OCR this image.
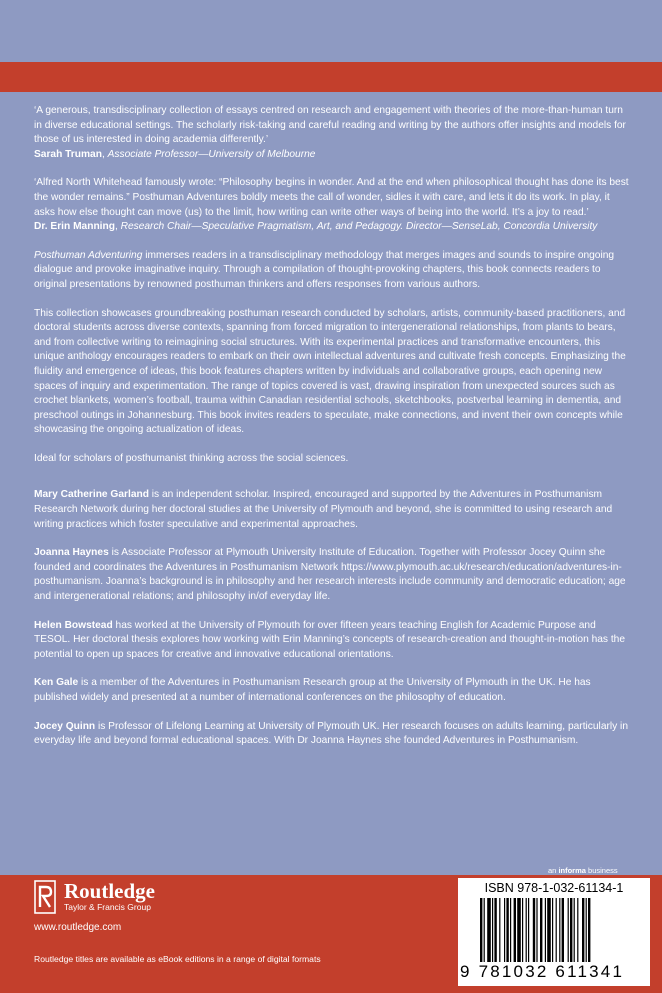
‘A generous, transdisciplinary collection of essays centred on research and engagement with theories of the more-than-human turn in diverse educational settings. The scholarly risk-taking and careful reading and writing by the authors offer insights and models for those of us interested in doing academia differently.’

Sarah Truman, Associate Professor—University of Melbourne

‘Alfred North Whitehead famously wrote: “Philosophy begins in wonder. And at the end when philosophical thought has done its best the wonder remains.” Posthuman Adventures boldly meets the call of wonder, sidles it with care, and lets it do its work. In play, it asks how else thought can move (us) to the limit, how writing can write other ways of being into the world. It’s a joy to read.’

Dr. Erin Manning, Research Chair—Speculative Pragmatism, Art, and Pedagogy. Director—SenseLab, Concordia University

Posthuman Adventuring immerses readers in a transdisciplinary methodology that merges images and sounds to inspire ongoing dialogue and provoke imaginative inquiry. Through a compilation of thought-provoking chapters, this book connects readers to original presentations by renowned posthuman thinkers and offers responses from various authors.

This collection showcases groundbreaking posthuman research conducted by scholars, artists, community-based practitioners, and doctoral students across diverse contexts, spanning from forced migration to intergenerational relationships, from plants to bears, and from collective writing to reimagining social structures. With its experimental practices and transformative encounters, this unique anthology encourages readers to embark on their own intellectual adventures and cultivate fresh concepts. Emphasizing the fluidity and emergence of ideas, this book features chapters written by individuals and collaborative groups, each opening new spaces of inquiry and experimentation. The range of topics covered is vast, drawing inspiration from unexpected sources such as crochet blankets, women’s football, trauma within Canadian residential schools, sketchbooks, postverbal learning in dementia, and preschool outings in Johannesburg. This book invites readers to speculate, make connections, and invent their own concepts while showcasing the ongoing actualization of ideas.

Ideal for scholars of posthumanist thinking across the social sciences.

Mary Catherine Garland is an independent scholar. Inspired, encouraged and supported by the Adventures in Posthumanism Research Network during her doctoral studies at the University of Plymouth and beyond, she is committed to using research and writing practices which foster speculative and experimental approaches.

Joanna Haynes is Associate Professor at Plymouth University Institute of Education. Together with Professor Jocey Quinn she founded and coordinates the Adventures in Posthumanism Network https://www.plymouth.ac.uk/research/education/adventures-in-posthumanism. Joanna’s background is in philosophy and her research interests include community and democratic education; age and intergenerational relations; and philosophy in/of everyday life.

Helen Bowstead has worked at the University of Plymouth for over fifteen years teaching English for Academic Purpose and TESOL. Her doctoral thesis explores how working with Erin Manning’s concepts of research-creation and thought-in-motion has the potential to open up spaces for creative and innovative educational orientations.

Ken Gale is a member of the Adventures in Posthumanism Research group at the University of Plymouth in the UK. He has published widely and presented at a number of international conferences on the philosophy of education.

Jocey Quinn is Professor of Lifelong Learning at University of Plymouth UK. Her research focuses on adults learning, particularly in everyday life and beyond formal educational spaces. With Dr Joanna Haynes she founded Adventures in Posthumanism.

an informa business
Routledge
Taylor & Francis Group
www.routledge.com
Routledge titles are available as eBook editions in a range of digital formats
ISBN 978-1-032-61134-1
9 781032 611341
